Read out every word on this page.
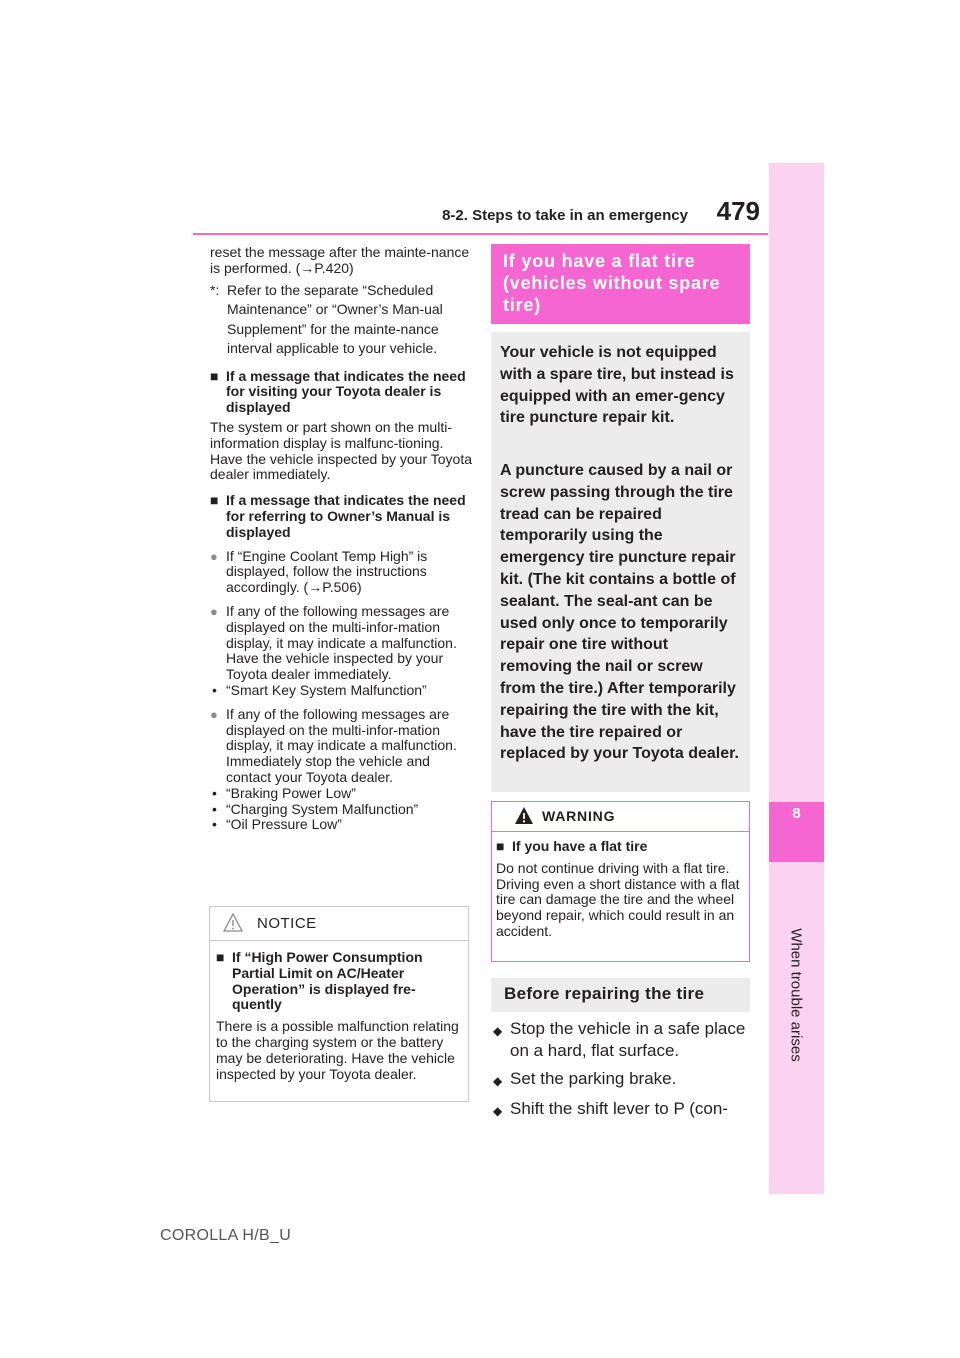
8-2. Steps to take in an emergency	479
8
When trouble arises

reset the message after the mainte-nance is performed. (→P.420)

*: Refer to the separate “Scheduled Maintenance” or “Owner’s Man-ual Supplement” for the mainte-nance interval applicable to your vehicle.
■ If a message that indicates the need for visiting your Toyota dealer is displayed

The system or part shown on the multi-information display is malfunc-tioning. Have the vehicle inspected by your Toyota dealer immediately.

■ If a message that indicates the need for referring to Owner’s Manual is displayed
● If “Engine Coolant Temp High” is displayed, follow the instructions accordingly. (→P.506)
● If any of the following messages are displayed on the multi-infor-mation display, it may indicate a malfunction. Have the vehicle inspected by your Toyota dealer immediately.
• “Smart Key System Malfunction”
● If any of the following messages are displayed on the multi-infor-mation display, it may indicate a malfunction. Immediately stop the vehicle and contact your Toyota dealer.
• “Braking Power Low”
• “Charging System Malfunction”
• “Oil Pressure Low”
NOTICE
■ If “High Power Consumption Partial Limit on AC/Heater Operation” is displayed fre-quently

There is a possible malfunction relating to the charging system or the battery may be deteriorating. Have the vehicle inspected by your Toyota dealer.

If you have a flat tire (vehicles without spare tire)

Your vehicle is not equipped with a spare tire, but instead is equipped with an emer-gency tire puncture repair kit.

A puncture caused by a nail or screw passing through the tire tread can be repaired temporarily using the emergency tire puncture repair kit. (The kit contains a bottle of sealant. The seal-ant can be used only once to temporarily repair one tire without removing the nail or screw from the tire.) After temporarily repairing the tire with the kit, have the tire repaired or replaced by your Toyota dealer.

WARNING
■ If you have a flat tire

Do not continue driving with a flat tire. Driving even a short distance with a flat tire can damage the tire and the wheel beyond repair, which could result in an accident.

Before repairing the tire
◆ Stop the vehicle in a safe place on a hard, flat surface.
◆ Set the parking brake.
◆ Shift the shift lever to P (con-
COROLLA H/B_U
